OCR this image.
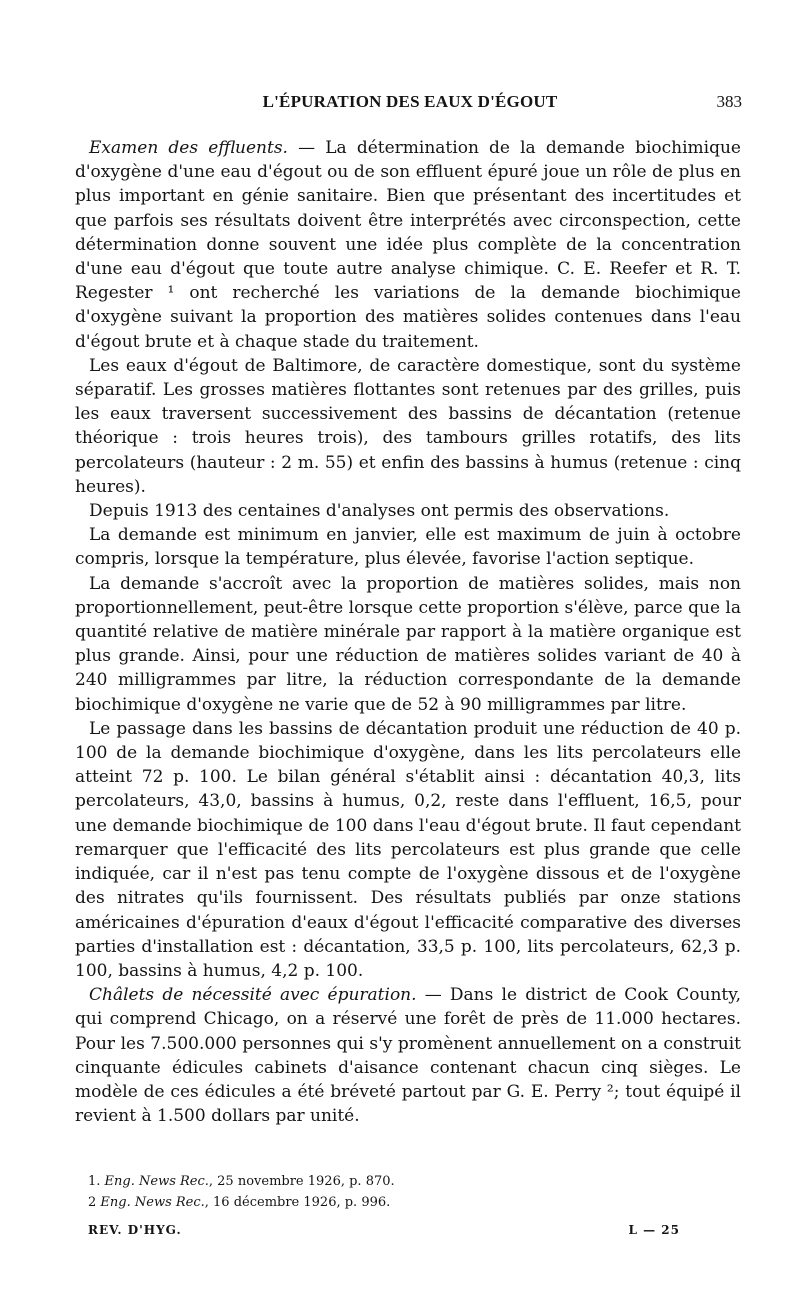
L'ÉPURATION DES EAUX D'ÉGOUT	383

Examen des effluents. — La détermination de la demande biochimique d'oxygène d'une eau d'égout ou de son effluent épuré joue un rôle de plus en plus important en génie sanitaire. Bien que présentant des incertitudes et que parfois ses résultats doivent être interprétés avec circonspection, cette détermination donne souvent une idée plus complète de la concentration d'une eau d'égout que toute autre analyse chimique. C. E. Reefer et R. T. Regester ¹ ont recherché les variations de la demande biochimique d'oxygène suivant la proportion des matières solides contenues dans l'eau d'égout brute et à chaque stade du traitement.

Les eaux d'égout de Baltimore, de caractère domestique, sont du système séparatif. Les grosses matières flottantes sont retenues par des grilles, puis les eaux traversent successivement des bassins de décantation (retenue théorique : trois heures trois), des tambours grilles rotatifs, des lits percolateurs (hauteur : 2 m. 55) et enfin des bassins à humus (retenue : cinq heures).

Depuis 1913 des centaines d'analyses ont permis des observations.

La demande est minimum en janvier, elle est maximum de juin à octobre compris, lorsque la température, plus élevée, favorise l'action septique.

La demande s'accroît avec la proportion de matières solides, mais non proportionnellement, peut-être lorsque cette proportion s'élève, parce que la quantité relative de matière minérale par rapport à la matière organique est plus grande. Ainsi, pour une réduction de matières solides variant de 40 à 240 milligrammes par litre, la réduction correspondante de la demande biochimique d'oxygène ne varie que de 52 à 90 milligrammes par litre.

Le passage dans les bassins de décantation produit une réduction de 40 p. 100 de la demande biochimique d'oxygène, dans les lits percolateurs elle atteint 72 p. 100. Le bilan général s'établit ainsi : décantation 40,3, lits percolateurs, 43,0, bassins à humus, 0,2, reste dans l'effluent, 16,5, pour une demande biochimique de 100 dans l'eau d'égout brute. Il faut cependant remarquer que l'efficacité des lits percolateurs est plus grande que celle indiquée, car il n'est pas tenu compte de l'oxygène dissous et de l'oxygène des nitrates qu'ils fournissent. Des résultats publiés par onze stations américaines d'épuration d'eaux d'égout l'efficacité comparative des diverses parties d'installation est : décantation, 33,5 p. 100, lits percolateurs, 62,3 p. 100, bassins à humus, 4,2 p. 100.

Châlets de nécessité avec épuration. — Dans le district de Cook County, qui comprend Chicago, on a réservé une forêt de près de 11.000 hectares. Pour les 7.500.000 personnes qui s'y promènent annuellement on a construit cinquante édicules cabinets d'aisance contenant chacun cinq sièges. Le modèle de ces édicules a été bréveté partout par G. E. Perry ²; tout équipé il revient à 1.500 dollars par unité.

1. Eng. News Rec., 25 novembre 1926, p. 870.
2 Eng. News Rec., 16 décembre 1926, p. 996.
REV. D'HYG.	L — 25
